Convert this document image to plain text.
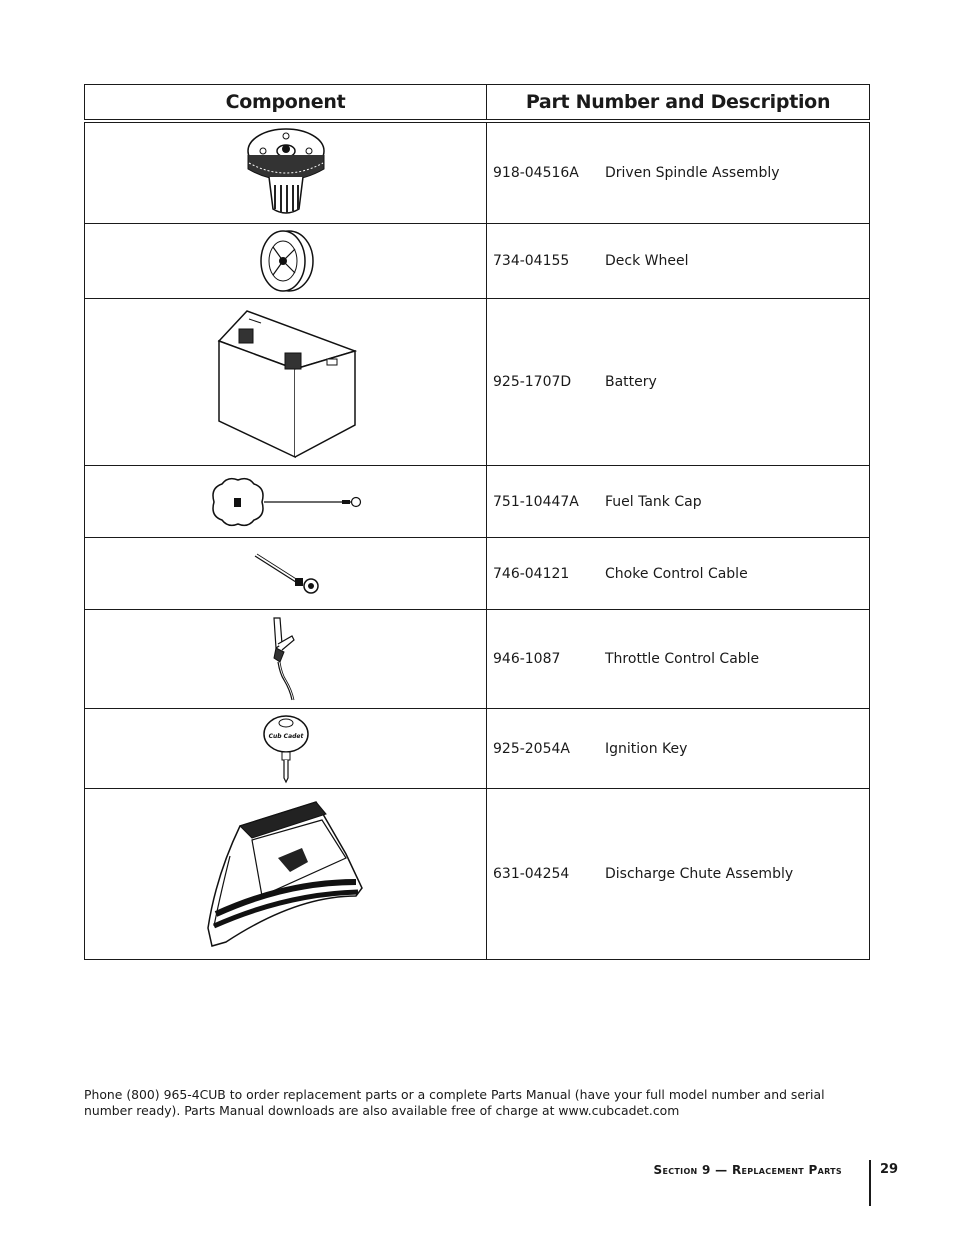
Component	Part Number and Description

	918-04516A Driven Spindle Assembly

	734-04155 Deck Wheel

	925-1707D Battery

	751-10447A Fuel Tank Cap

	746-04121 Choke Control Cable

	946-1087 Throttle Control Cable

Cub Cadet	925-2054A Ignition Key

	631-04254 Discharge Chute Assembly
Phone (800) 965-4CUB to order replacement parts or a complete Parts Manual (have your full model number and serial number ready). Parts Manual downloads are also available free of charge at www.cubcadet.com
Section 9 — Replacement Parts	29
